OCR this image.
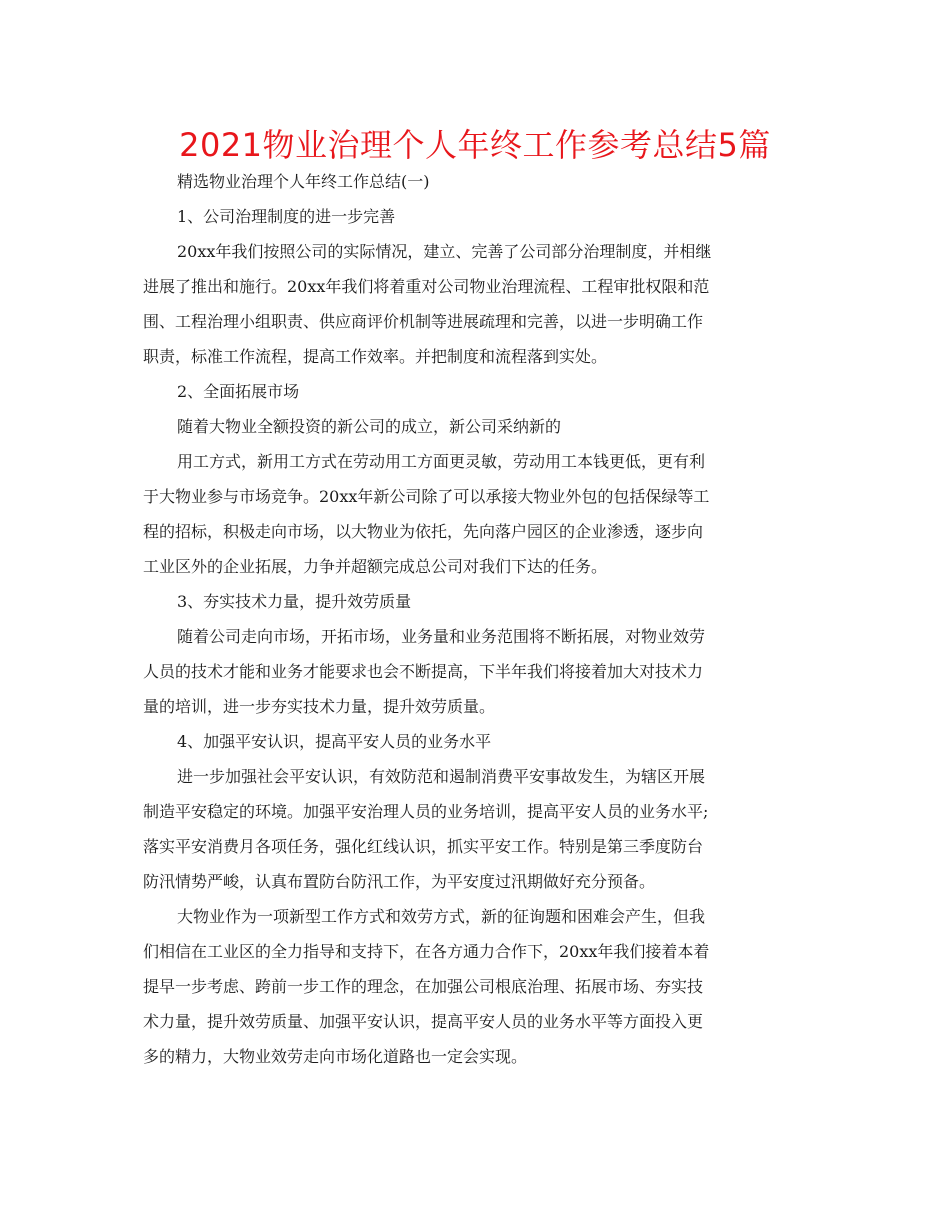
2021物业治理个人年终工作参考总结5篇
精选物业治理个人年终工作总结(一)
1、公司治理制度的进一步完善
20xx年我们按照公司的实际情况，建立、完善了公司部分治理制度，并相继
进展了推出和施行。20xx年我们将着重对公司物业治理流程、工程审批权限和范
围、工程治理小组职责、供应商评价机制等进展疏理和完善，以进一步明确工作
职责，标准工作流程，提高工作效率。并把制度和流程落到实处。
2、全面拓展市场
随着大物业全额投资的新公司的成立，新公司采纳新的
用工方式，新用工方式在劳动用工方面更灵敏，劳动用工本钱更低，更有利
于大物业参与市场竞争。20xx年新公司除了可以承接大物业外包的包括保绿等工
程的招标，积极走向市场，以大物业为依托，先向落户园区的企业渗透，逐步向
工业区外的企业拓展，力争并超额完成总公司对我们下达的任务。
3、夯实技术力量，提升效劳质量
随着公司走向市场，开拓市场，业务量和业务范围将不断拓展，对物业效劳
人员的技术才能和业务才能要求也会不断提高，下半年我们将接着加大对技术力
量的培训，进一步夯实技术力量，提升效劳质量。
4、加强平安认识，提高平安人员的业务水平
进一步加强社会平安认识，有效防范和遏制消费平安事故发生，为辖区开展
制造平安稳定的环境。加强平安治理人员的业务培训，提高平安人员的业务水平;
落实平安消费月各项任务，强化红线认识，抓实平安工作。特别是第三季度防台
防汛情势严峻，认真布置防台防汛工作，为平安度过汛期做好充分预备。
大物业作为一项新型工作方式和效劳方式，新的征询题和困难会产生，但我
们相信在工业区的全力指导和支持下，在各方通力合作下，20xx年我们接着本着
提早一步考虑、跨前一步工作的理念，在加强公司根底治理、拓展市场、夯实技
术力量，提升效劳质量、加强平安认识，提高平安人员的业务水平等方面投入更
多的精力，大物业效劳走向市场化道路也一定会实现。
